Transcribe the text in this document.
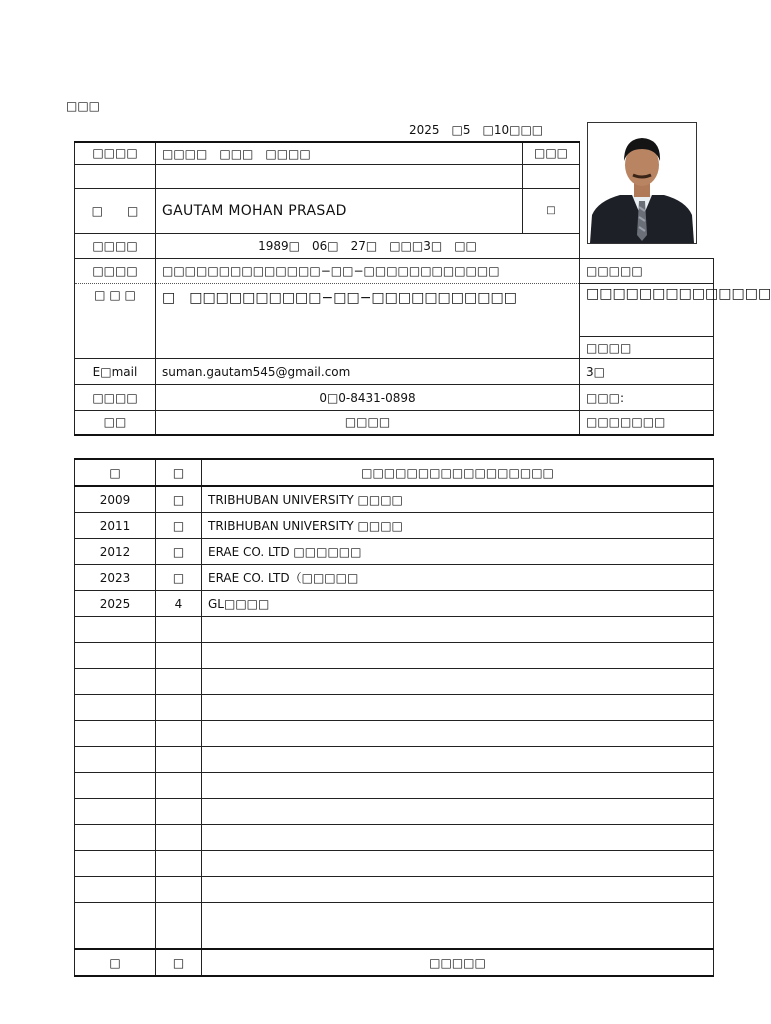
□□□
2025　□5　□10□□□
□□□□	□□□□　□□□　□□□□	□□□

□　　□	GAUTAM MOHAN PRASAD	□
□□□□	1989□　06□　27□　□□□3□　□□	
□□□□	□□□□□□□□□□□□□□−□□−□□□□□□□□□□□□	□□□□□
□ □ □	□　□□□□□□□□□□−□□−□□□□□□□□□□□	□□□□□□□□□□□□□□
		□□□□
E□mail	suman.gautam545@gmail.com	3□
□□□□	0□0-8431-0898	□□□:
□□	□□□□	□□□□□□□
□	□	□□□□□□□□□□□□□□□□□
2009	□	TRIBHUBAN UNIVERSITY □□□□
2011	□	TRIBHUBAN UNIVERSITY □□□□
2012	□	ERAE CO. LTD □□□□□□
2023	□	ERAE CO. LTD（□□□□□
2025	4	GL□□□□

□	□	□□□□□
